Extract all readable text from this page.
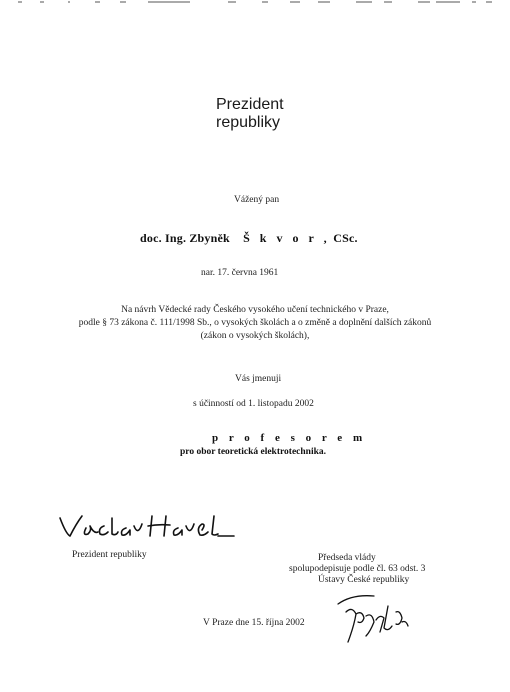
Prezident
republiky
Vážený pan
doc. Ing. Zbyněk Š k v o r , CSc.
nar. 17. června 1961
Na návrh Vědecké rady Českého vysokého učení technického v Praze,
podle § 73 zákona č. 111/1998 Sb., o vysokých školách a o změně a doplnění dalších zákonů
(zákon o vysokých školách),
Vás jmenuji
s účinností od 1. listopadu 2002
p r o f e s o r e m
pro obor teoretická elektrotechnika.
Prezident republiky	Předseda vlády
spolupodepisuje podle čl. 63 odst. 3
Ústavy České republiky
V Praze dne 15. října 2002
